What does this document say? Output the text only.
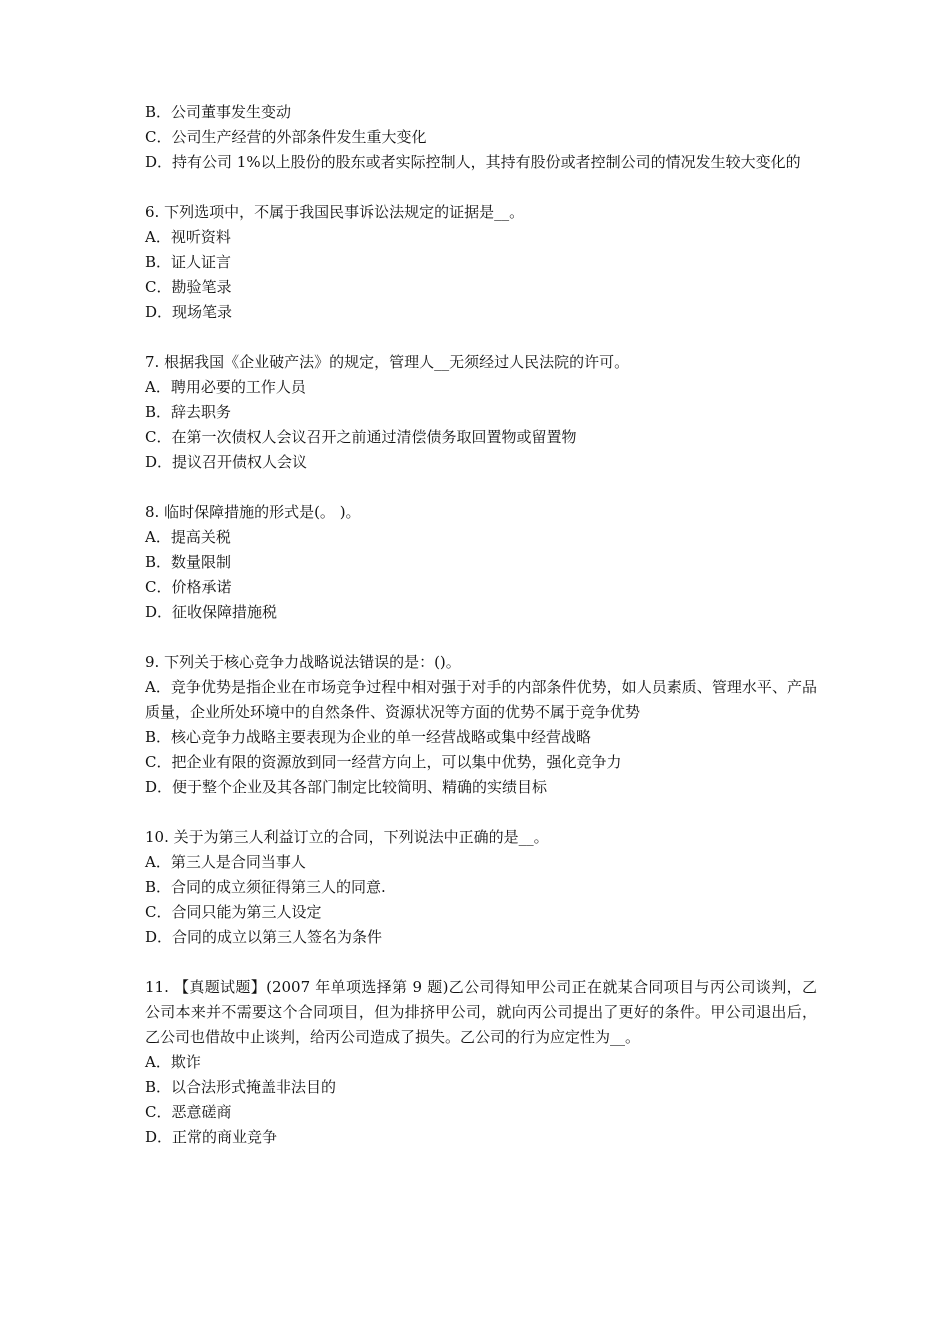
B．公司董事发生变动
C．公司生产经营的外部条件发生重大变化
D．持有公司 1%以上股份的股东或者实际控制人，其持有股份或者控制公司的情况发生较大变化的
6. 下列选项中，不属于我国民事诉讼法规定的证据是__。
A．视听资料
B．证人证言
C．勘验笔录
D．现场笔录
7. 根据我国《企业破产法》的规定，管理人__无须经过人民法院的许可。
A．聘用必要的工作人员
B．辞去职务
C．在第一次债权人会议召开之前通过清偿债务取回置物或留置物
D．提议召开债权人会议
8. 临时保障措施的形式是(。 )。
A．提高关税
B．数量限制
C．价格承诺
D．征收保障措施税
9. 下列关于核心竞争力战略说法错误的是：()。
A．竞争优势是指企业在市场竞争过程中相对强于对手的内部条件优势，如人员素质、管理水平、产品质量，企业所处环境中的自然条件、资源状况等方面的优势不属于竞争优势
B．核心竞争力战略主要表现为企业的单一经营战略或集中经营战略
C．把企业有限的资源放到同一经营方向上，可以集中优势，强化竞争力
D．便于整个企业及其各部门制定比较简明、精确的实绩目标
10. 关于为第三人利益订立的合同，下列说法中正确的是__。
A．第三人是合同当事人
B．合同的成立须征得第三人的同意.
C．合同只能为第三人设定
D．合同的成立以第三人签名为条件
11. 【真题试题】(2007 年单项选择第 9 题)乙公司得知甲公司正在就某合同项目与丙公司谈判，乙公司本来并不需要这个合同项目，但为排挤甲公司，就向丙公司提出了更好的条件。甲公司退出后，乙公司也借故中止谈判，给丙公司造成了损失。乙公司的行为应定性为__。
A．欺诈
B．以合法形式掩盖非法目的
C．恶意磋商
D．正常的商业竞争
